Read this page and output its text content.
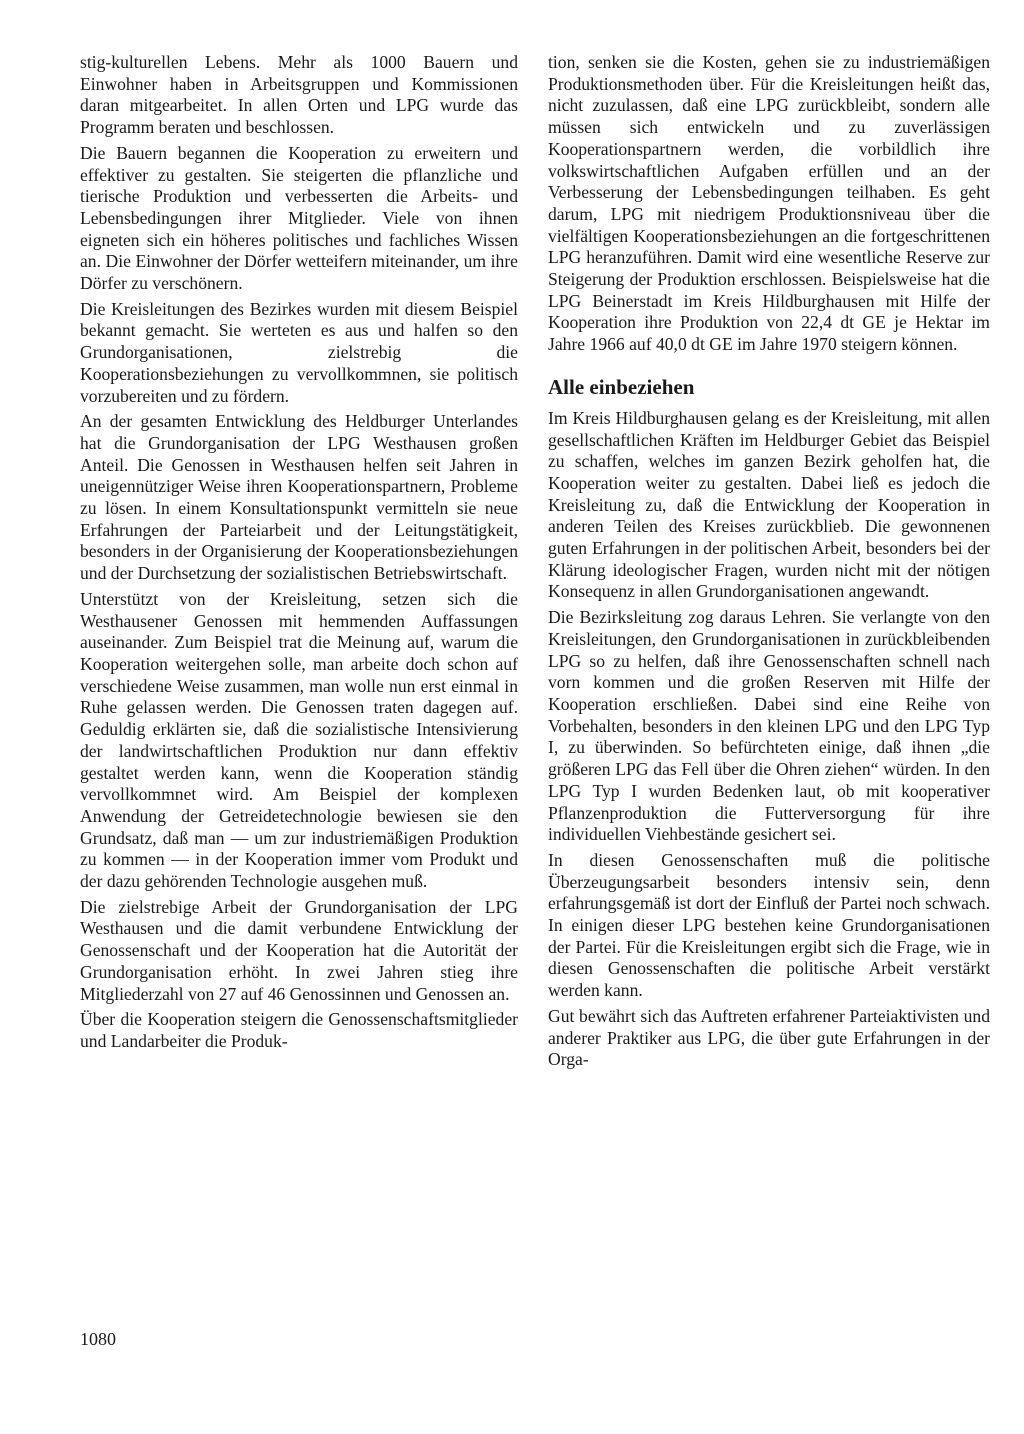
stig-kulturellen Lebens. Mehr als 1000 Bauern und Einwohner haben in Arbeitsgruppen und Kommissionen daran mitgearbeitet. In allen Orten und LPG wurde das Programm beraten und beschlossen.

Die Bauern begannen die Kooperation zu erweitern und effektiver zu gestalten. Sie steigerten die pflanzliche und tierische Produktion und verbesserten die Arbeits- und Lebensbedingungen ihrer Mitglieder. Viele von ihnen eigneten sich ein höheres politisches und fachliches Wissen an. Die Einwohner der Dörfer wetteifern miteinander, um ihre Dörfer zu verschönern.

Die Kreisleitungen des Bezirkes wurden mit diesem Beispiel bekannt gemacht. Sie werteten es aus und halfen so den Grundorganisationen, zielstrebig die Kooperationsbeziehungen zu vervollkommnen, sie politisch vorzubereiten und zu fördern.

An der gesamten Entwicklung des Heldburger Unterlandes hat die Grundorganisation der LPG Westhausen großen Anteil. Die Genossen in Westhausen helfen seit Jahren in uneigennütziger Weise ihren Kooperationspartnern, Probleme zu lösen. In einem Konsultationspunkt vermitteln sie neue Erfahrungen der Parteiarbeit und der Leitungstätigkeit, besonders in der Organisierung der Kooperationsbeziehungen und der Durchsetzung der sozialistischen Betriebswirtschaft.

Unterstützt von der Kreisleitung, setzen sich die Westhausener Genossen mit hemmenden Auffassungen auseinander. Zum Beispiel trat die Meinung auf, warum die Kooperation weitergehen solle, man arbeite doch schon auf verschiedene Weise zusammen, man wolle nun erst einmal in Ruhe gelassen werden. Die Genossen traten dagegen auf. Geduldig erklärten sie, daß die sozialistische Intensivierung der landwirtschaftlichen Produktion nur dann effektiv gestaltet werden kann, wenn die Kooperation ständig vervollkommnet wird. Am Beispiel der komplexen Anwendung der Getreidetechnologie bewiesen sie den Grundsatz, daß man — um zur industriemäßigen Produktion zu kommen — in der Kooperation immer vom Produkt und der dazu gehörenden Technologie ausgehen muß.

Die zielstrebige Arbeit der Grundorganisation der LPG Westhausen und die damit verbundene Entwicklung der Genossenschaft und der Kooperation hat die Autorität der Grundorganisation erhöht. In zwei Jahren stieg ihre Mitgliederzahl von 27 auf 46 Genossinnen und Genossen an.

Über die Kooperation steigern die Genossenschaftsmitglieder und Landarbeiter die Produk-

tion, senken sie die Kosten, gehen sie zu industriemäßigen Produktionsmethoden über. Für die Kreisleitungen heißt das, nicht zuzulassen, daß eine LPG zurückbleibt, sondern alle müssen sich entwickeln und zu zuverlässigen Kooperationspartnern werden, die vorbildlich ihre volkswirtschaftlichen Aufgaben erfüllen und an der Verbesserung der Lebensbedingungen teilhaben. Es geht darum, LPG mit niedrigem Produktionsniveau über die vielfältigen Kooperationsbeziehungen an die fortgeschrittenen LPG heranzuführen. Damit wird eine wesentliche Reserve zur Steigerung der Produktion erschlossen. Beispielsweise hat die LPG Beinerstadt im Kreis Hildburghausen mit Hilfe der Kooperation ihre Produktion von 22,4 dt GE je Hektar im Jahre 1966 auf 40,0 dt GE im Jahre 1970 steigern können.

Alle einbeziehen

Im Kreis Hildburghausen gelang es der Kreisleitung, mit allen gesellschaftlichen Kräften im Heldburger Gebiet das Beispiel zu schaffen, welches im ganzen Bezirk geholfen hat, die Kooperation weiter zu gestalten. Dabei ließ es jedoch die Kreisleitung zu, daß die Entwicklung der Kooperation in anderen Teilen des Kreises zurückblieb. Die gewonnenen guten Erfahrungen in der politischen Arbeit, besonders bei der Klärung ideologischer Fragen, wurden nicht mit der nötigen Konsequenz in allen Grundorganisationen angewandt.

Die Bezirksleitung zog daraus Lehren. Sie verlangte von den Kreisleitungen, den Grundorganisationen in zurückbleibenden LPG so zu helfen, daß ihre Genossenschaften schnell nach vorn kommen und die großen Reserven mit Hilfe der Kooperation erschließen. Dabei sind eine Reihe von Vorbehalten, besonders in den kleinen LPG und den LPG Typ I, zu überwinden. So befürchteten einige, daß ihnen „die größeren LPG das Fell über die Ohren ziehen“ würden. In den LPG Typ I wurden Bedenken laut, ob mit kooperativer Pflanzenproduktion die Futterversorgung für ihre individuellen Viehbestände gesichert sei.

In diesen Genossenschaften muß die politische Überzeugungsarbeit besonders intensiv sein, denn erfahrungsgemäß ist dort der Einfluß der Partei noch schwach. In einigen dieser LPG bestehen keine Grundorganisationen der Partei. Für die Kreisleitungen ergibt sich die Frage, wie in diesen Genossenschaften die politische Arbeit verstärkt werden kann.

Gut bewährt sich das Auftreten erfahrener Parteiaktivisten und anderer Praktiker aus LPG, die über gute Erfahrungen in der Orga-

1080
